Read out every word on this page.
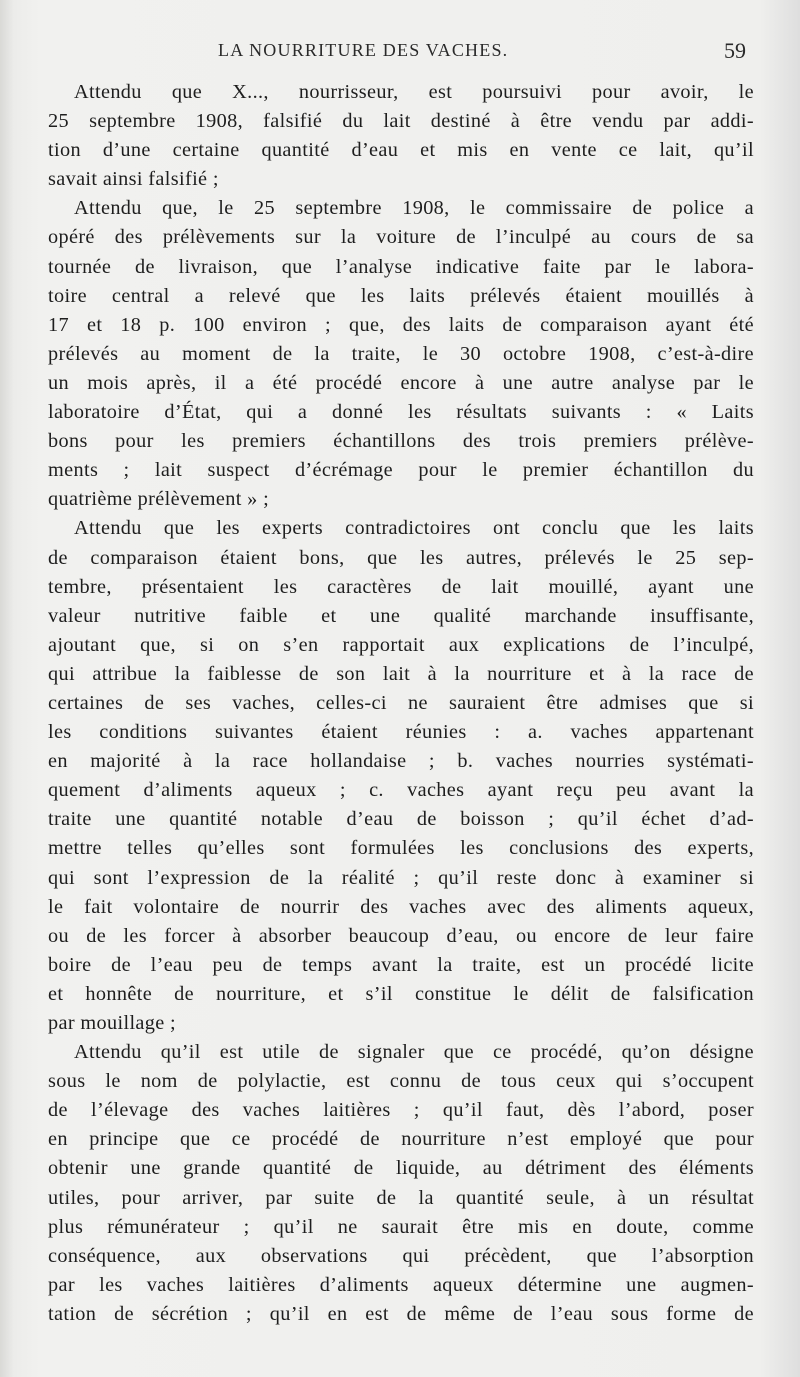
LA NOURRITURE DES VACHES.	59
Attendu que X..., nourrisseur, est poursuivi pour avoir, le
25 septembre 1908, falsifié du lait destiné à être vendu par addi-
tion d’une certaine quantité d’eau et mis en vente ce lait, qu’il
savait ainsi falsifié ;
Attendu que, le 25 septembre 1908, le commissaire de police a
opéré des prélèvements sur la voiture de l’inculpé au cours de sa
tournée de livraison, que l’analyse indicative faite par le labora-
toire central a relevé que les laits prélevés étaient mouillés à
17 et 18 p. 100 environ ; que, des laits de comparaison ayant été
prélevés au moment de la traite, le 30 octobre 1908, c’est-à-dire
un mois après, il a été procédé encore à une autre analyse par le
laboratoire d’État, qui a donné les résultats suivants : « Laits
bons pour les premiers échantillons des trois premiers prélève-
ments ; lait suspect d’écrémage pour le premier échantillon du
quatrième prélèvement » ;
Attendu que les experts contradictoires ont conclu que les laits
de comparaison étaient bons, que les autres, prélevés le 25 sep-
tembre, présentaient les caractères de lait mouillé, ayant une
valeur nutritive faible et une qualité marchande insuffisante,
ajoutant que, si on s’en rapportait aux explications de l’inculpé,
qui attribue la faiblesse de son lait à la nourriture et à la race de
certaines de ses vaches, celles-ci ne sauraient être admises que si
les conditions suivantes étaient réunies : a. vaches appartenant
en majorité à la race hollandaise ; b. vaches nourries systémati-
quement d’aliments aqueux ; c. vaches ayant reçu peu avant la
traite une quantité notable d’eau de boisson ; qu’il échet d’ad-
mettre telles qu’elles sont formulées les conclusions des experts,
qui sont l’expression de la réalité ; qu’il reste donc à examiner si
le fait volontaire de nourrir des vaches avec des aliments aqueux,
ou de les forcer à absorber beaucoup d’eau, ou encore de leur faire
boire de l’eau peu de temps avant la traite, est un procédé licite
et honnête de nourriture, et s’il constitue le délit de falsification
par mouillage ;
Attendu qu’il est utile de signaler que ce procédé, qu’on désigne
sous le nom de polylactie, est connu de tous ceux qui s’occupent
de l’élevage des vaches laitières ; qu’il faut, dès l’abord, poser
en principe que ce procédé de nourriture n’est employé que pour
obtenir une grande quantité de liquide, au détriment des éléments
utiles, pour arriver, par suite de la quantité seule, à un résultat
plus rémunérateur ; qu’il ne saurait être mis en doute, comme
conséquence, aux observations qui précèdent, que l’absorption
par les vaches laitières d’aliments aqueux détermine une augmen-
tation de sécrétion ; qu’il en est de même de l’eau sous forme de
